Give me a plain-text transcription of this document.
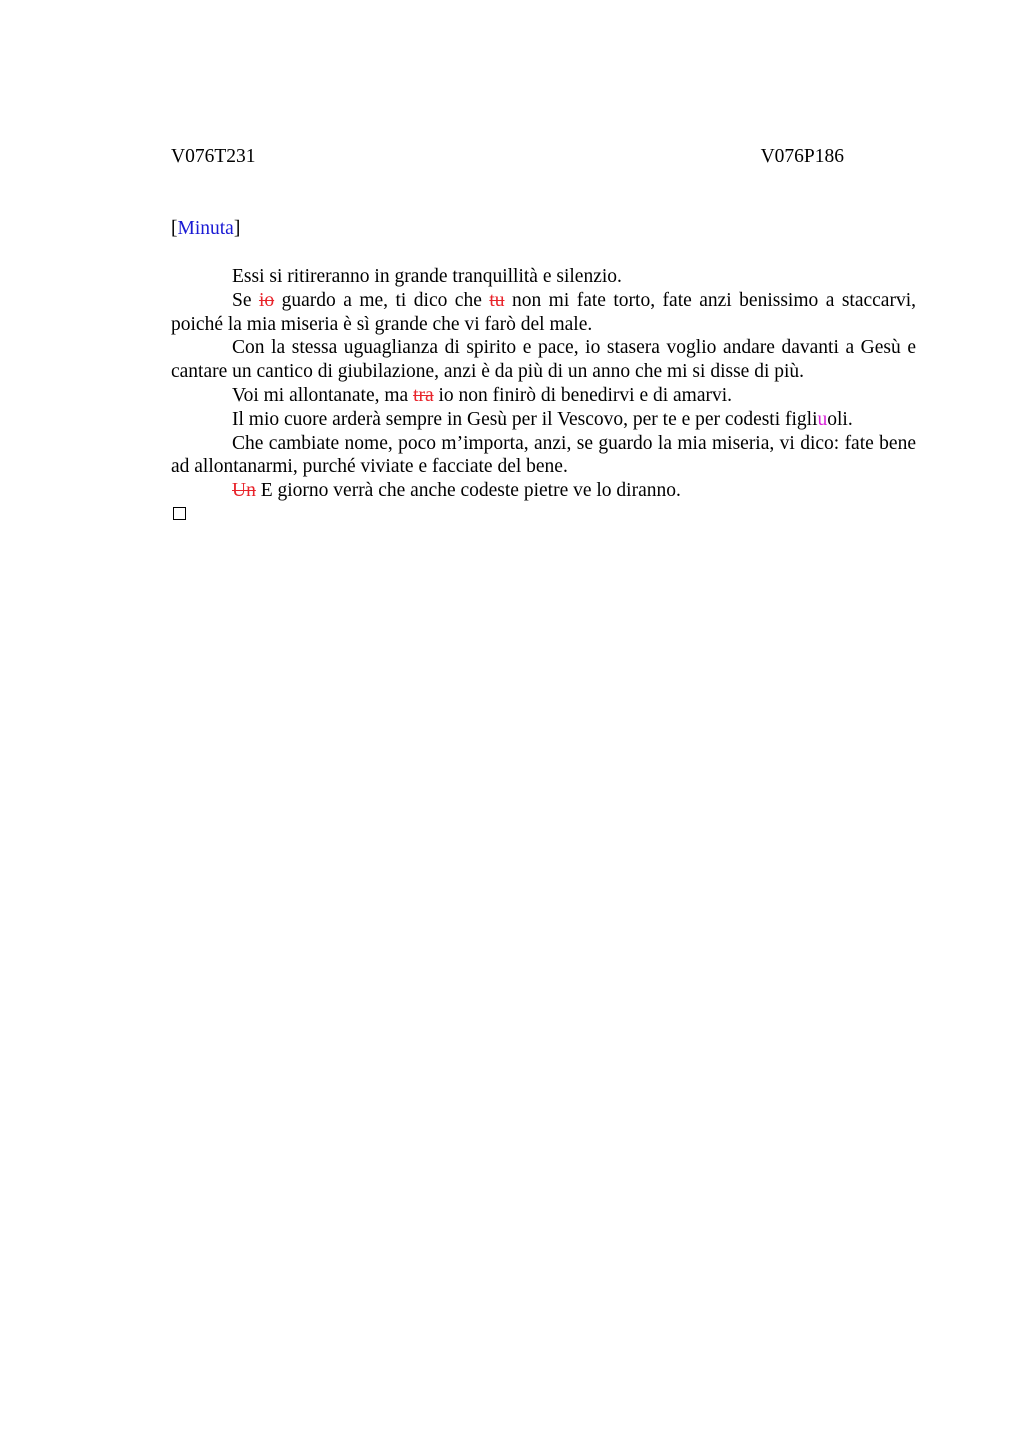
V076T231	V076P186
[Minuta]

Essi si ritireranno in grande tranquillità e silenzio.

Se io guardo a me, ti dico che tu non mi fate torto, fate anzi benissimo a staccarvi, poiché la mia miseria è sì grande che vi farò del male.

Con la stessa uguaglianza di spirito e pace, io stasera voglio andare davanti a Gesù e cantare un cantico di giubilazione, anzi è da più di un anno che mi si disse di più.

Voi mi allontanate, ma tra io non finirò di benedirvi e di amarvi.

Il mio cuore arderà sempre in Gesù per il Vescovo, per te e per codesti figliuoli.

Che cambiate nome, poco m’importa, anzi, se guardo la mia miseria, vi dico: fate bene ad allontanarmi, purché viviate e facciate del bene.

Un E giorno verrà che anche codeste pietre ve lo diranno.
